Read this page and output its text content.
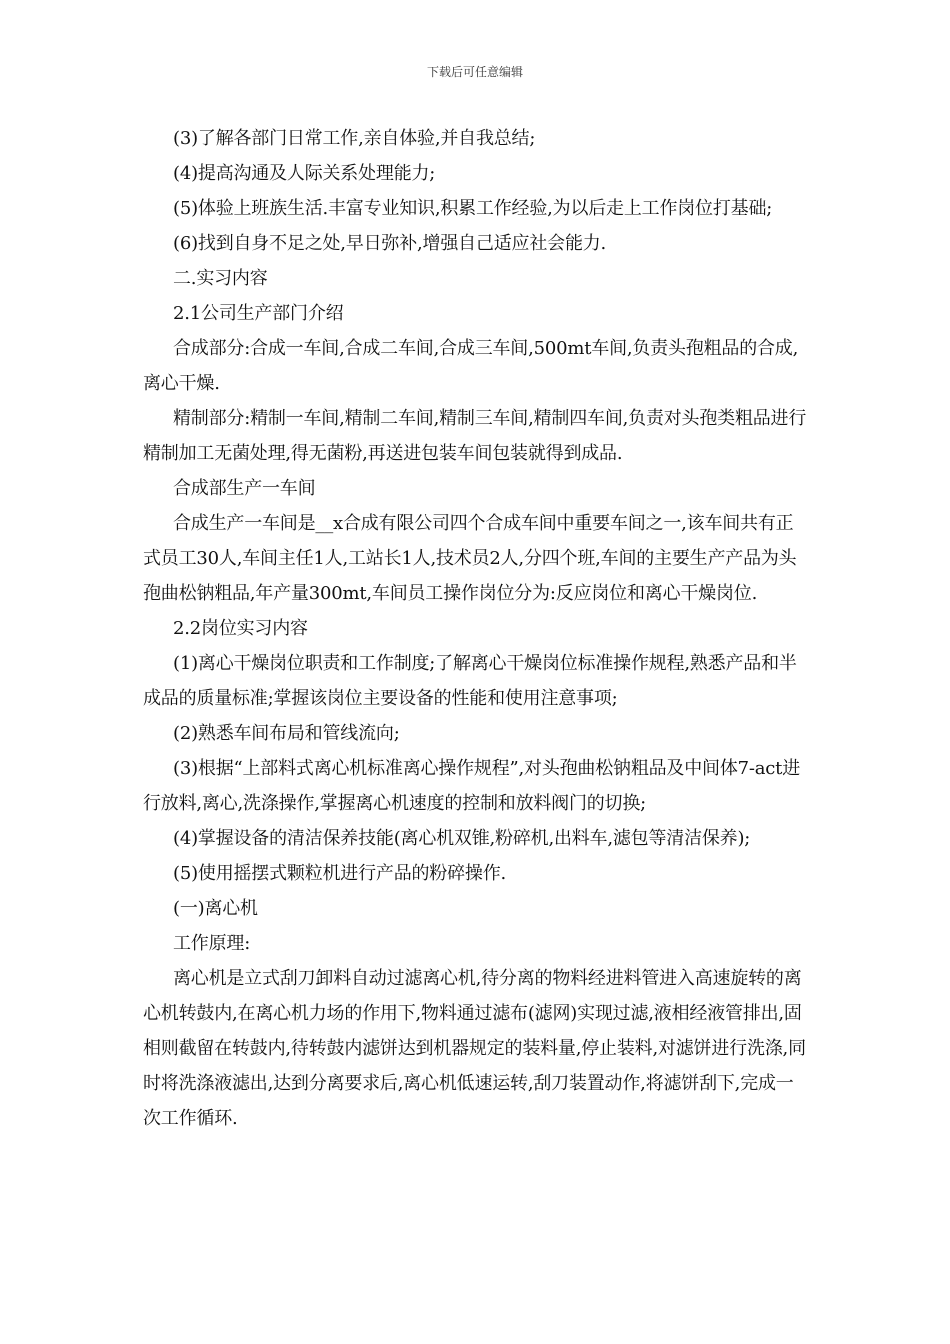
下载后可任意编辑

(3)了解各部门日常工作,亲自体验,并自我总结;

(4)提高沟通及人际关系处理能力;

(5)体验上班族生活.丰富专业知识,积累工作经验,为以后走上工作岗位打基础;

(6)找到自身不足之处,早日弥补,增强自己适应社会能力.

二.实习内容

2.1公司生产部门介绍

合成部分:合成一车间,合成二车间,合成三车间,500mt车间,负责头孢粗品的合成,离心干燥.

精制部分:精制一车间,精制二车间,精制三车间,精制四车间,负责对头孢类粗品进行精制加工无菌处理,得无菌粉,再送进包装车间包装就得到成品.

合成部生产一车间

合成生产一车间是__x合成有限公司四个合成车间中重要车间之一,该车间共有正式员工30人,车间主任1人,工站长1人,技术员2人,分四个班,车间的主要生产产品为头孢曲松钠粗品,年产量300mt,车间员工操作岗位分为:反应岗位和离心干燥岗位.

2.2岗位实习内容

(1)离心干燥岗位职责和工作制度;了解离心干燥岗位标准操作规程,熟悉产品和半成品的质量标准;掌握该岗位主要设备的性能和使用注意事项;

(2)熟悉车间布局和管线流向;

(3)根据“上部料式离心机标准离心操作规程”,对头孢曲松钠粗品及中间体7-act进行放料,离心,洗涤操作,掌握离心机速度的控制和放料阀门的切换;

(4)掌握设备的清洁保养技能(离心机双锥,粉碎机,出料车,滤包等清洁保养);

(5)使用摇摆式颗粒机进行产品的粉碎操作.

(一)离心机

工作原理:

离心机是立式刮刀卸料自动过滤离心机,待分离的物料经进料管进入高速旋转的离心机转鼓内,在离心机力场的作用下,物料通过滤布(滤网)实现过滤,液相经液管排出,固相则截留在转鼓内,待转鼓内滤饼达到机器规定的装料量,停止装料,对滤饼进行洗涤,同时将洗涤液滤出,达到分离要求后,离心机低速运转,刮刀装置动作,将滤饼刮下,完成一次工作循环.
